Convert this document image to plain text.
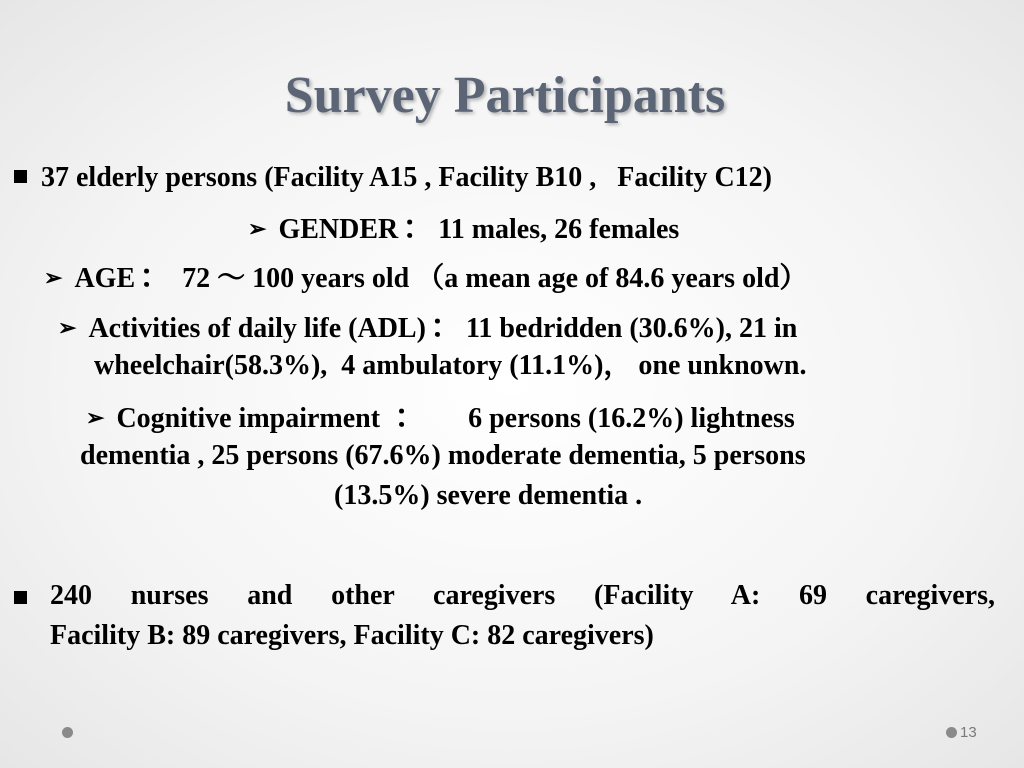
Survey Participants
37 elderly persons (Facility A15 , Facility B10 ,   Facility C12)
➢ GENDER ： 11 males, 26 females
➢ AGE ： 72 ～ 100 years old （a mean age of 84.6 years old）
➢ Activities of daily life (ADL) ： 11 bedridden (30.6%), 21 in
wheelchair(58.3%),  4 ambulatory (11.1%)， one unknown.
➢ Cognitive impairment ：    6 persons (16.2%) lightness
dementia , 25 persons (67.6%) moderate dementia, 5 persons
(13.5%) severe dementia .
240 nurses and other caregivers (Facility A: 69 caregivers,
Facility B: 89 caregivers, Facility C: 82 caregivers)
13
